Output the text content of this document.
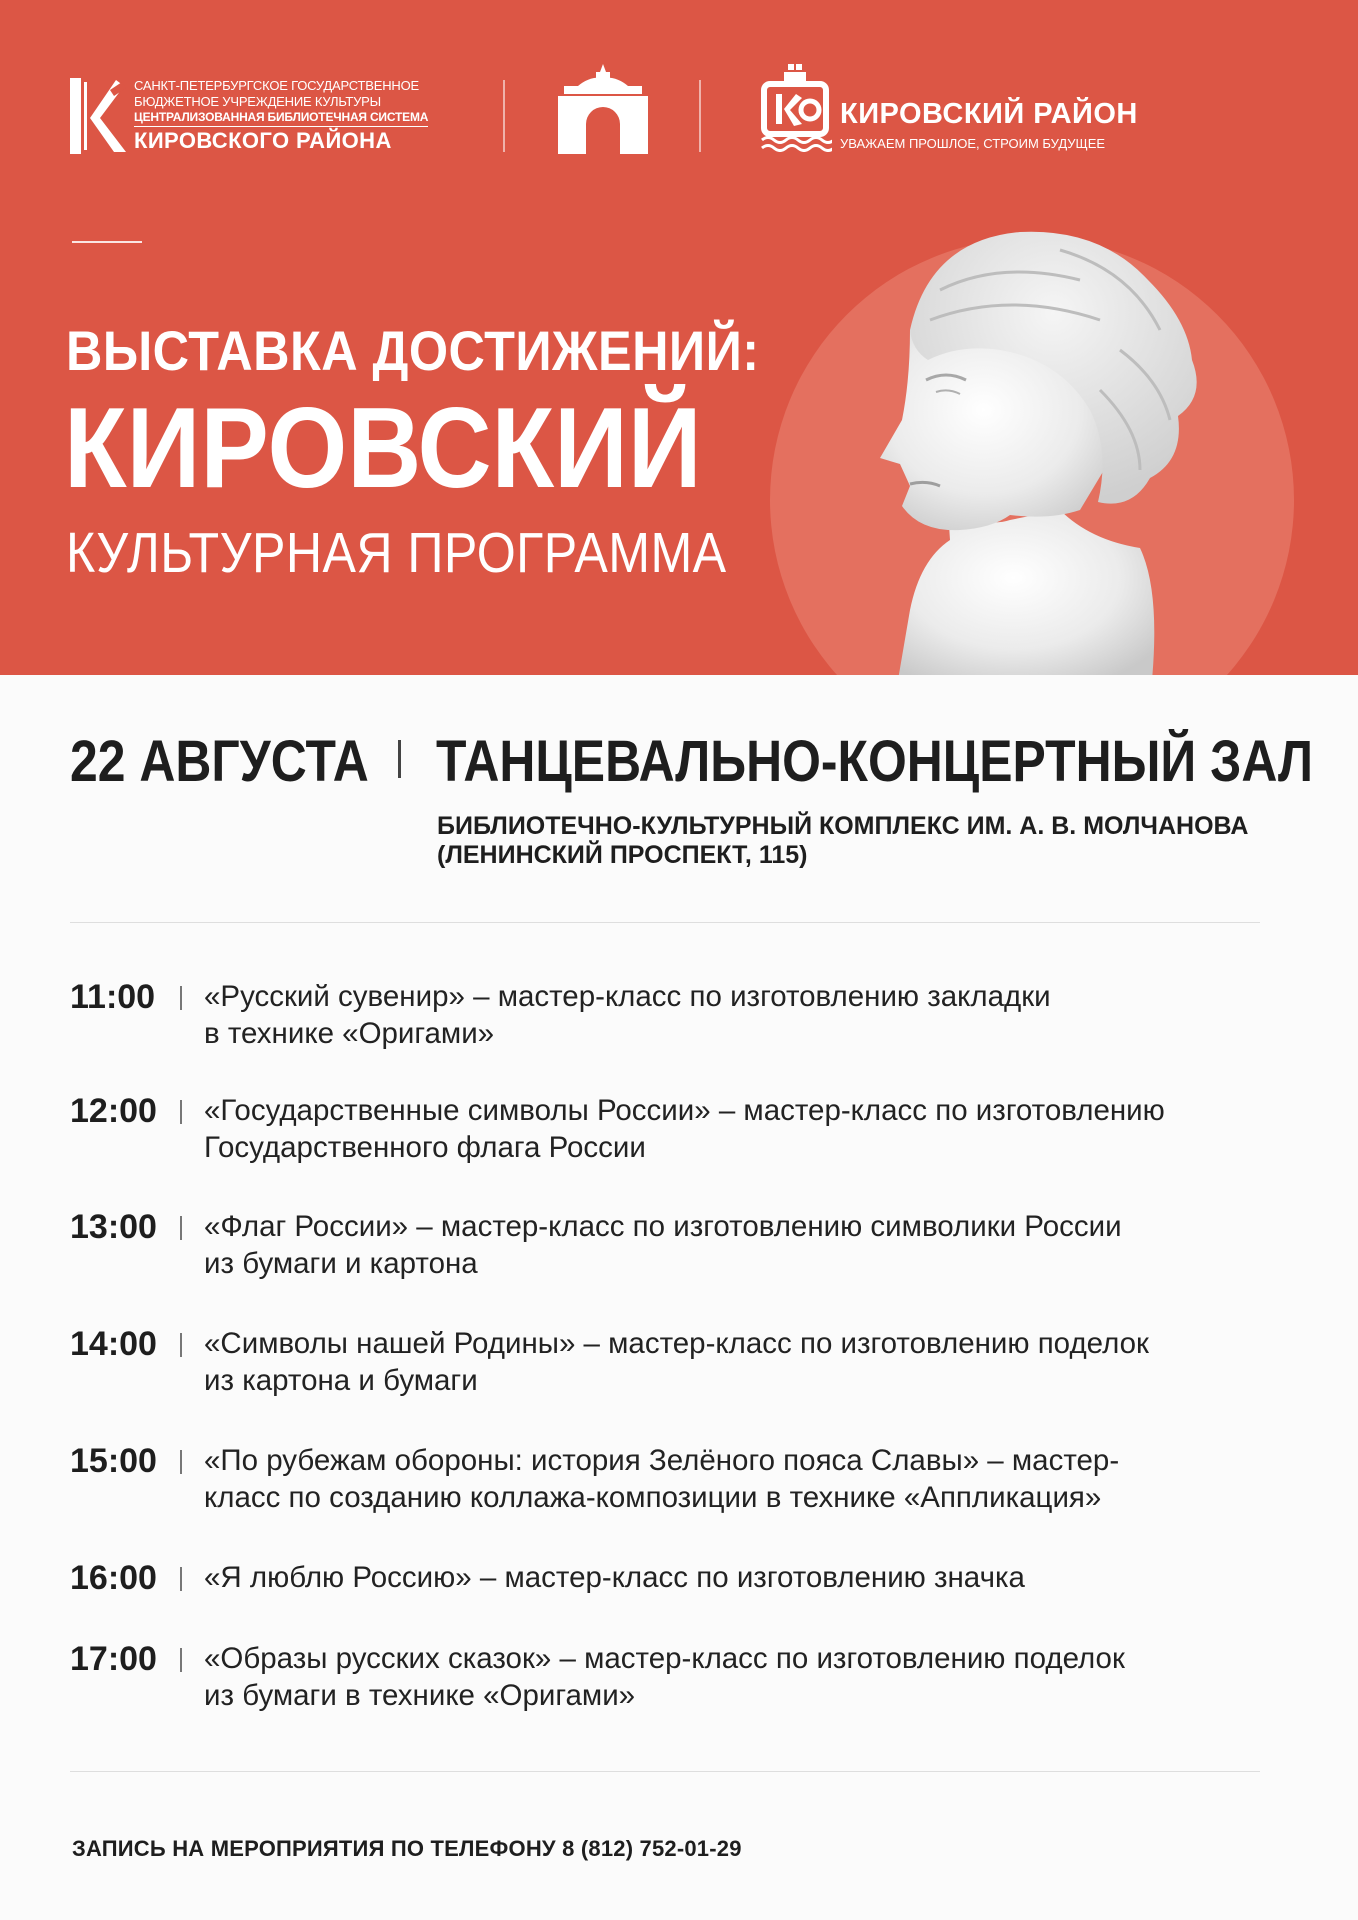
САНКТ-ПЕТЕРБУРГСКОЕ ГОСУДАРСТВЕННОЕ
БЮДЖЕТНОЕ УЧРЕЖДЕНИЕ КУЛЬТУРЫ
ЦЕНТРАЛИЗОВАННАЯ БИБЛИОТЕЧНАЯ СИСТЕМА
КИРОВСКОГО РАЙОНА
КИРОВСКИЙ РАЙОН
УВАЖАЕМ ПРОШЛОЕ, СТРОИМ БУДУЩЕЕ
ВЫСТАВКА ДОСТИЖЕНИЙ:
КИРОВСКИЙ
КУЛЬТУРНАЯ ПРОГРАММА
22 АВГУСТА ТАНЦЕВАЛЬНО-КОНЦЕРТНЫЙ ЗАЛ
БИБЛИОТЕЧНО-КУЛЬТУРНЫЙ КОМПЛЕКС ИМ. А. В. МОЛЧАНОВА
(ЛЕНИНСКИЙ ПРОСПЕКТ, 115)
11:00 «Русский сувенир» – мастер-класс по изготовлению закладки
в технике «Оригами»
12:00 «Государственные символы России» – мастер-класс по изготовлению
Государственного флага России
13:00 «Флаг России» – мастер-класс по изготовлению символики России
из бумаги и картона
14:00 «Символы нашей Родины» – мастер-класс по изготовлению поделок
из картона и бумаги
15:00 «По рубежам обороны: история Зелёного пояса Славы» – мастер-
класс по созданию коллажа-композиции в технике «Аппликация»
16:00 «Я люблю Россию» – мастер-класс по изготовлению значка
17:00 «Образы русских сказок» – мастер-класс по изготовлению поделок
из бумаги в технике «Оригами»
ЗАПИСЬ НА МЕРОПРИЯТИЯ ПО ТЕЛЕФОНУ 8 (812) 752-01-29
